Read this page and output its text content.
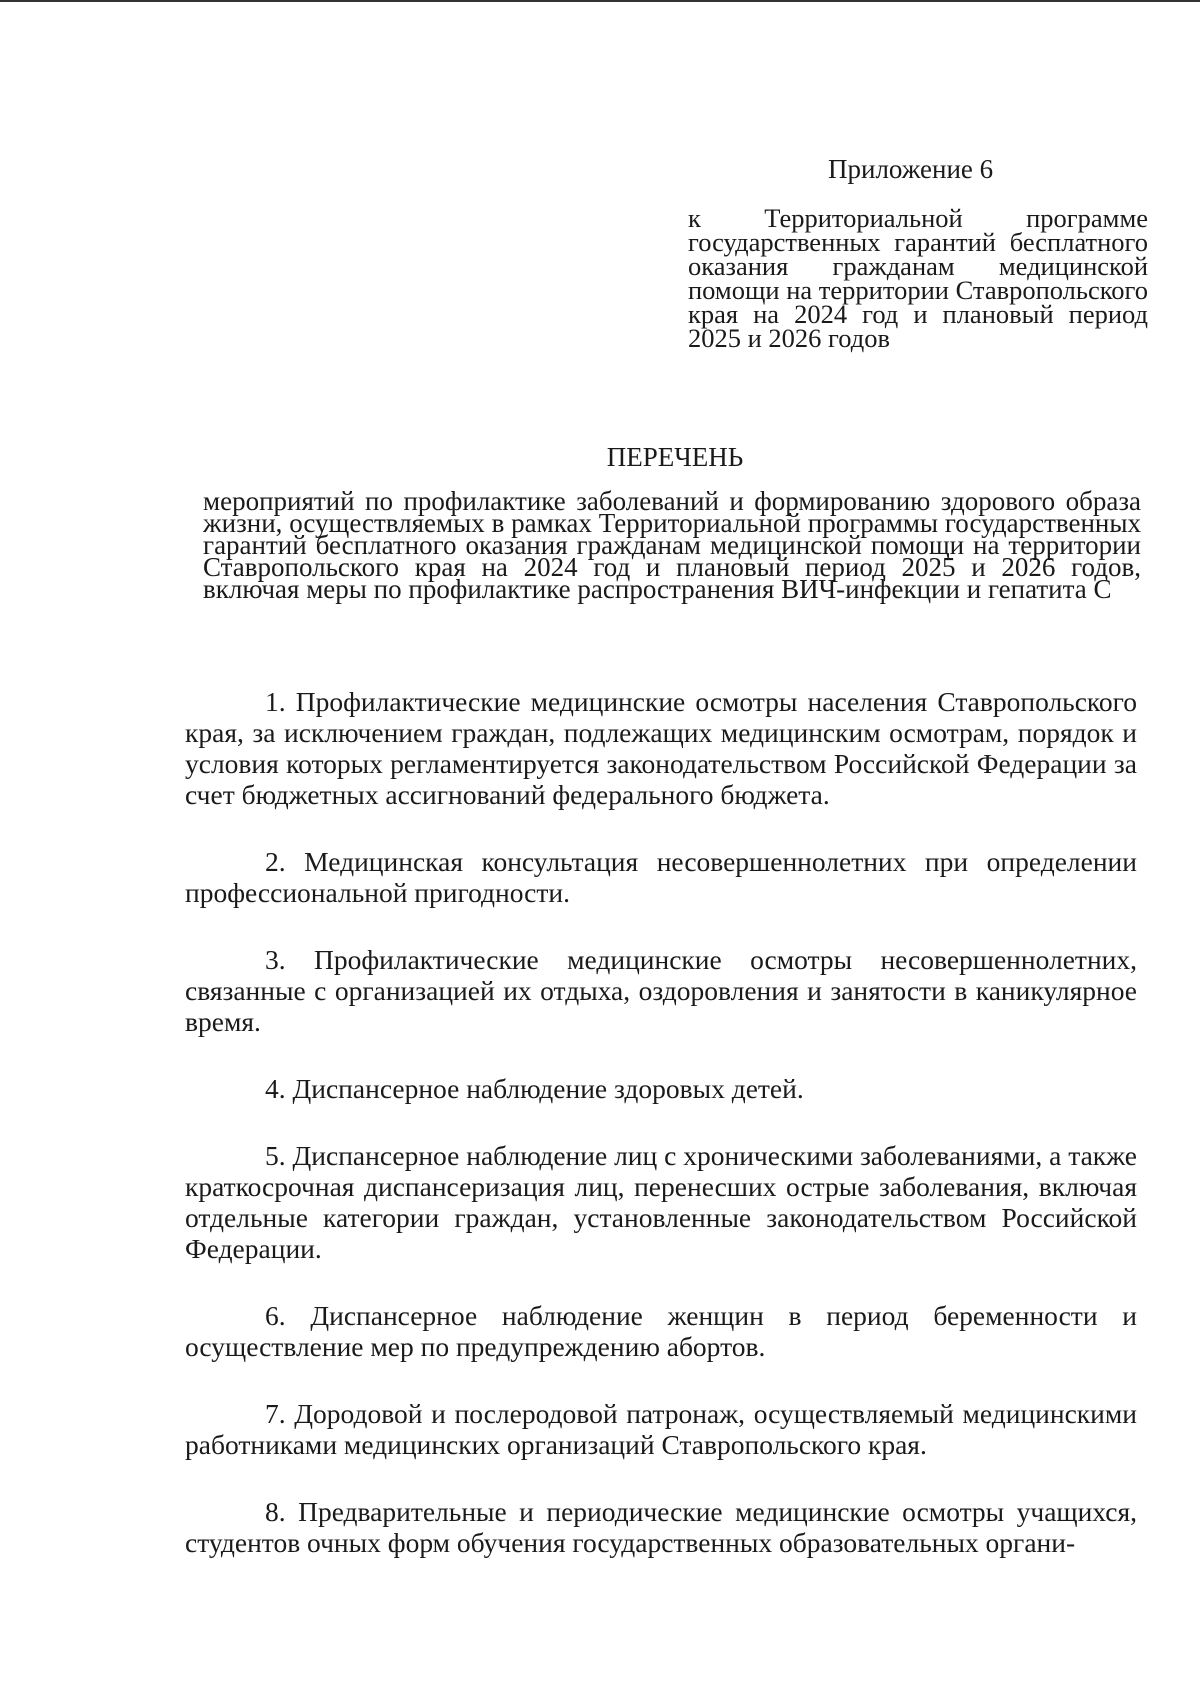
Приложение 6
к Территориальной программе государственных гарантий бесплатного оказания гражданам медицинской помощи на территории Ставропольского края на 2024 год и плановый период 2025 и 2026 годов
ПЕРЕЧЕНЬ
мероприятий по профилактике заболеваний и формированию здорового образа жизни, осуществляемых в рамках Территориальной программы государственных гарантий бесплатного оказания гражданам медицинской помощи на территории Ставропольского края на 2024 год и плановый период 2025 и 2026 годов, включая меры по профилактике распространения ВИЧ-инфекции и гепатита С

1. Профилактические медицинские осмотры населения Ставропольского края, за исключением граждан, подлежащих медицинским осмотрам, порядок и условия которых регламентируется законодательством Российской Федерации за счет бюджетных ассигнований федерального бюджета.

2. Медицинская консультация несовершеннолетних при определении профессиональной пригодности.

3. Профилактические медицинские осмотры несовершеннолетних, связанные с организацией их отдыха, оздоровления и занятости в каникулярное время.

4. Диспансерное наблюдение здоровых детей.

5. Диспансерное наблюдение лиц с хроническими заболеваниями, а также краткосрочная диспансеризация лиц, перенесших острые заболевания, включая отдельные категории граждан, установленные законодательством Российской Федерации.

6. Диспансерное наблюдение женщин в период беременности и осуществление мер по предупреждению абортов.

7. Дородовой и послеродовой патронаж, осуществляемый медицинскими работниками медицинских организаций Ставропольского края.

8. Предварительные и периодические медицинские осмотры учащихся, студентов очных форм обучения государственных образовательных органи-
